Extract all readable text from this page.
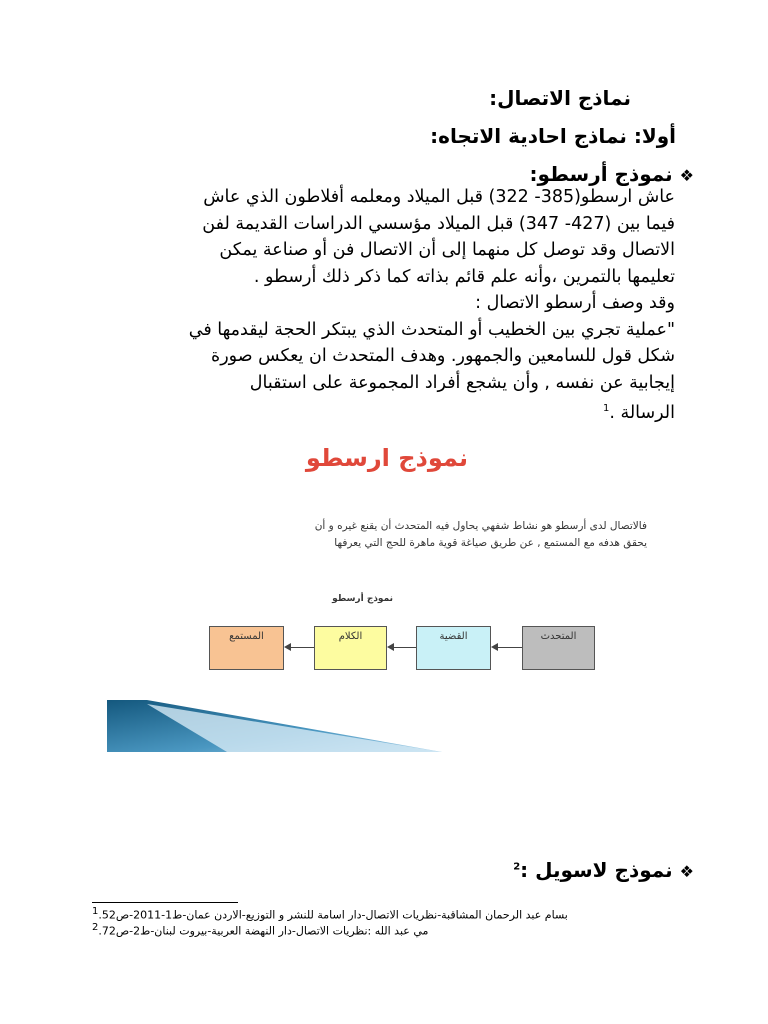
نماذج الاتصال:
أولا: نماذج احادية الاتجاه:
❖ نموذج أرسطو:
عاش ارسطو(385- 322) قبل الميلاد ومعلمه أفلاطون الذي عاش
فيما بين (427- 347) قبل الميلاد مؤسسي الدراسات القديمة لفن
الاتصال وقد توصل كل منهما إلى أن الاتصال فن أو صناعة يمكن
تعليمها بالتمرين ،وأنه علم قائم بذاته كما ذكر ذلك أرسطو .
وقد وصف أرسطو الاتصال :
"عملية تجري بين الخطيب أو المتحدث الذي يبتكر الحجة ليقدمها في
شكل قول للسامعين والجمهور. وهدف المتحدث ان يعكس صورة
إيجابية عن نفسه , وأن يشجع أفراد المجموعة على استقبال
الرسالة .$^1$
نموذج ارسطو
فالاتصال لدى أرسطو هو نشاط شفهي يحاول فيه المتحدث أن يقنع غيره و أن
يحقق هدفه مع المستمع , عن طريق صياغة قوية ماهرة للحج التي يعرفها
نموذج أرسطو
المتحدث
القضية
الكلام
المستمع
❖ نموذج لاسويل :$^2$
$^1$بسام عبد الرحمان المشاقبة-نظريات الاتصال-دار اسامة للنشر و التوزيع-الاردن عمان-ط1-2011-ص52.
$^2$مي عبد الله :نظريات الاتصال-دار النهضة العربية-بيروت لبنان-ط2-ص72.
